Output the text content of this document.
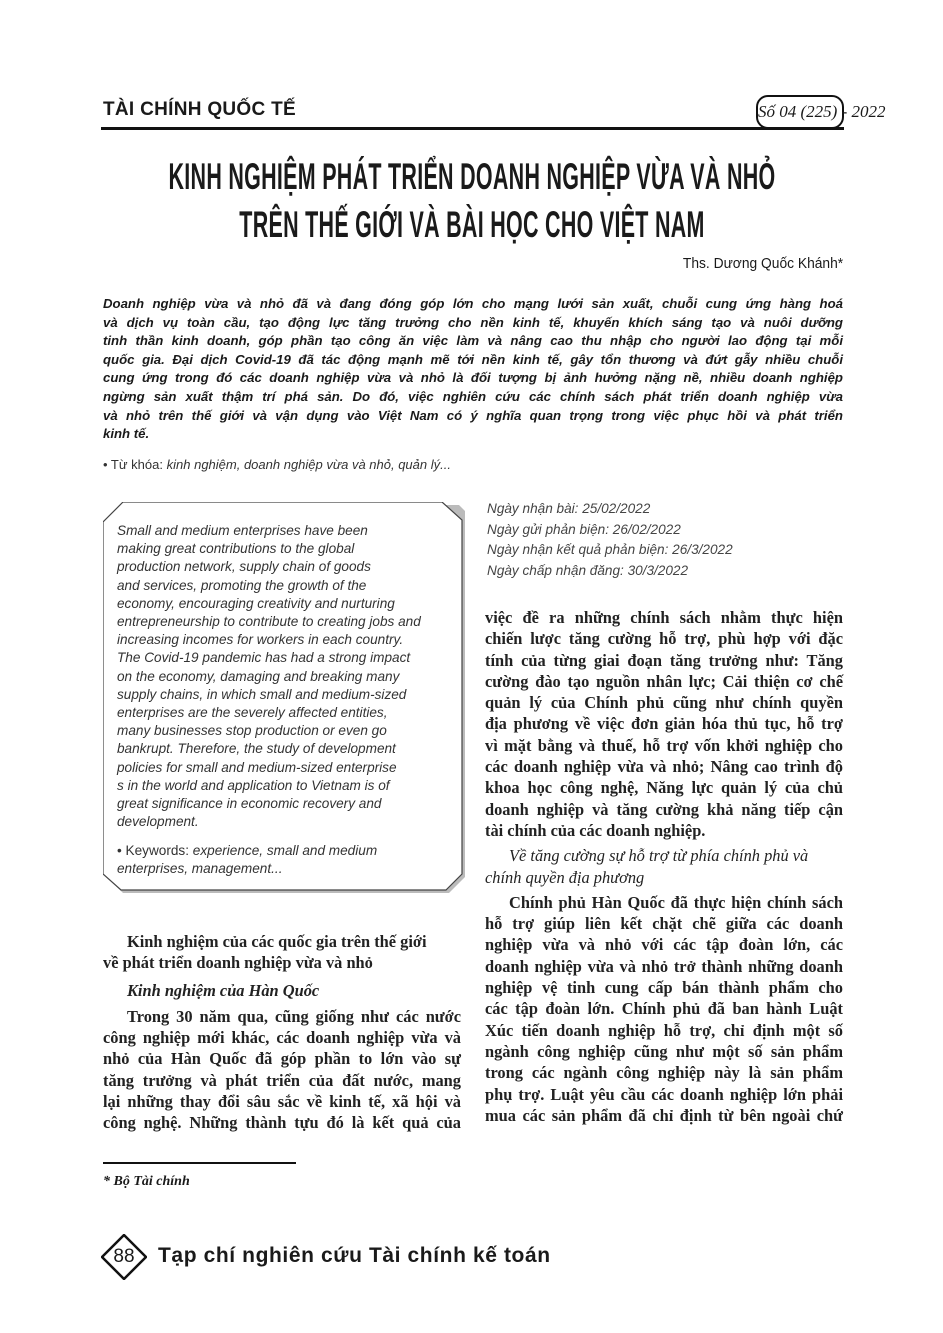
TÀI CHÍNH QUỐC TẾ	Số 04 (225) - 2022
KINH NGHIỆM PHÁT TRIỂN DOANH NGHIỆP VỪA VÀ NHỎ
TRÊN THẾ GIỚI VÀ BÀI HỌC CHO VIỆT NAM
Ths. Dương Quốc Khánh*
Doanh nghiệp vừa và nhỏ đã và đang đóng góp lớn cho mạng lưới sản xuất, chuỗi cung ứng hàng hoá
và dịch vụ toàn cầu, tạo động lực tăng trưởng cho nền kinh tế, khuyến khích sáng tạo và nuôi dưỡng
tinh thần kinh doanh, góp phần tạo công ăn việc làm và nâng cao thu nhập cho người lao động tại mỗi
quốc gia. Đại dịch Covid-19 đã tác động mạnh mẽ tới nền kinh tế, gây tổn thương và đứt gẫy nhiều chuỗi
cung ứng trong đó các doanh nghiệp vừa và nhỏ là đối tượng bị ảnh hưởng nặng nề, nhiều doanh nghiệp
ngừng sản xuất thậm trí phá sản. Do đó, việc nghiên cứu các chính sách phát triển doanh nghiệp vừa
và nhỏ trên thế giới và vận dụng vào Việt Nam có ý nghĩa quan trọng trong việc phục hồi và phát triển
kinh tế.
• Từ khóa: kinh nghiệm, doanh nghiệp vừa và nhỏ, quản lý...
Small and medium enterprises have been
making great contributions to the global
production network, supply chain of goods
and services, promoting the growth of the
economy, encouraging creativity and nurturing
entrepreneurship to contribute to creating jobs and
increasing incomes for workers in each country.
The Covid-19 pandemic has had a strong impact
on the economy, damaging and breaking many
supply chains, in which small and medium-sized
enterprises are the severely affected entities,
many businesses stop production or even go
bankrupt. Therefore, the study of development
policies for small and medium-sized enterprise
s in the world and application to Vietnam is of
great significance in economic recovery and
development.
• Keywords: experience, small and medium
enterprises, management...
Ngày nhận bài: 25/02/2022
Ngày gửi phản biện: 26/02/2022
Ngày nhận kết quả phản biện: 26/3/2022
Ngày chấp nhận đăng: 30/3/2022
việc đề ra những chính sách nhằm thực hiện
chiến lược tăng cường hỗ trợ, phù hợp với đặc
tính của từng giai đoạn tăng trưởng như: Tăng
cường đào tạo nguồn nhân lực; Cải thiện cơ chế
quản lý của Chính phủ cũng như chính quyền
địa phương về việc đơn giản hóa thủ tục, hỗ trợ
vì mặt bằng và thuế, hỗ trợ vốn khởi nghiệp cho
các doanh nghiệp vừa và nhỏ; Nâng cao trình độ
khoa học công nghệ, Năng lực quản lý của chủ
doanh nghiệp và tăng cường khả năng tiếp cận
tài chính của các doanh nghiệp.
Về tăng cường sự hỗ trợ từ phía chính phủ và
chính quyền địa phương
Chính phủ Hàn Quốc đã thực hiện chính sách
hỗ trợ giúp liên kết chặt chẽ giữa các doanh
nghiệp vừa và nhỏ với các tập đoàn lớn, các
doanh nghiệp vừa và nhỏ trở thành những doanh
nghiệp vệ tinh cung cấp bán thành phẩm cho
các tập đoàn lớn. Chính phủ đã ban hành Luật
Xúc tiến doanh nghiệp hỗ trợ, chỉ định một số
ngành công nghiệp cũng như một số sản phẩm
trong các ngành công nghiệp này là sản phẩm
phụ trợ. Luật yêu cầu các doanh nghiệp lớn phải
mua các sản phẩm đã chỉ định từ bên ngoài chứ
Kinh nghiệm của các quốc gia trên thế giới
về phát triển doanh nghiệp vừa và nhỏ
Kinh nghiệm của Hàn Quốc
Trong 30 năm qua, cũng giống như các nước
công nghiệp mới khác, các doanh nghiệp vừa và
nhỏ của Hàn Quốc đã góp phần to lớn vào sự
tăng trưởng và phát triển của đất nước, mang
lại những thay đổi sâu sắc về kinh tế, xã hội và
công nghệ. Những thành tựu đó là kết quả của
* Bộ Tài chính
88	Tạp chí nghiên cứu Tài chính kế toán
